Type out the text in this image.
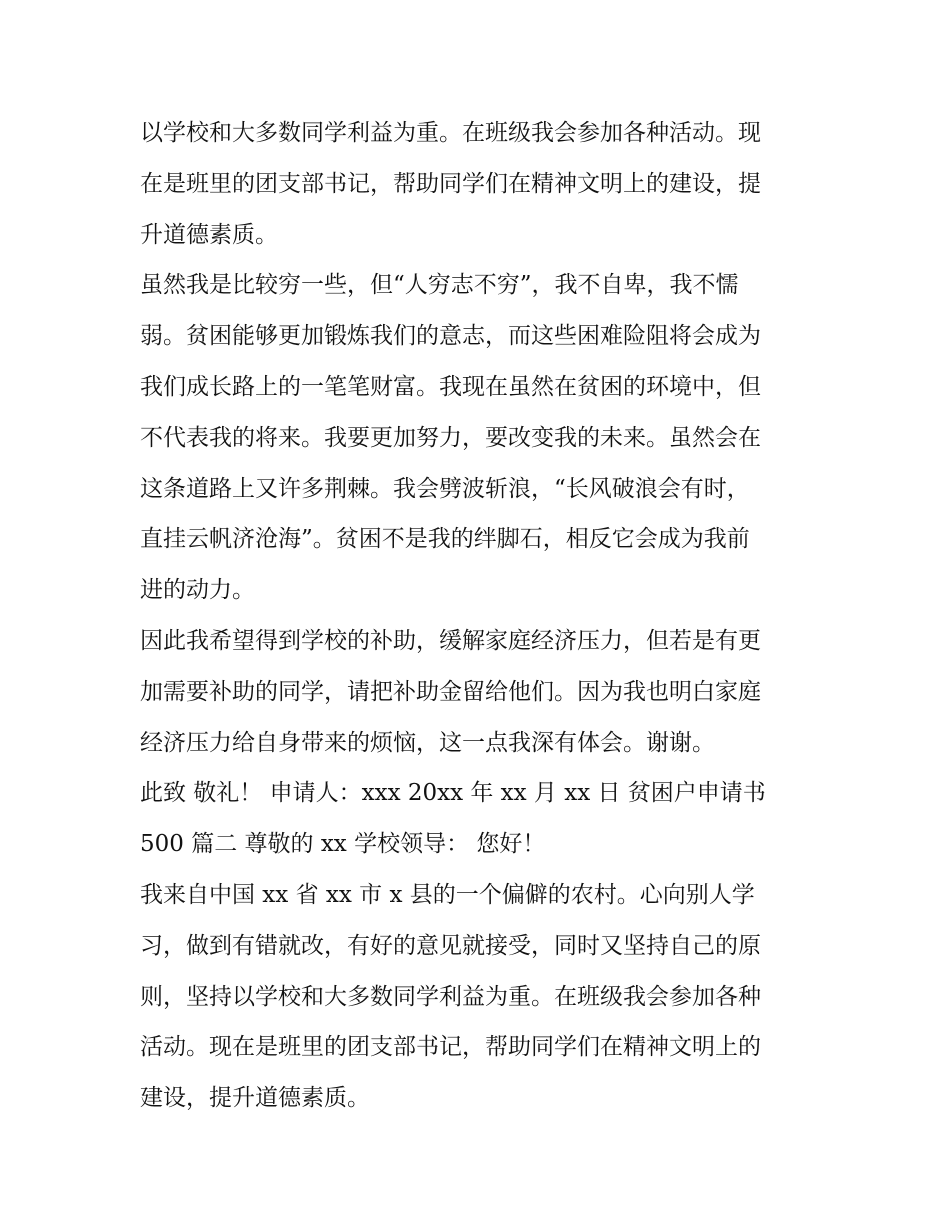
以学校和大多数同学利益为重。在班级我会参加各种活动。现
在是班里的团支部书记，帮助同学们在精神文明上的建设，提
升道德素质。
虽然我是比较穷一些，但“人穷志不穷”，我不自卑，我不懦
弱。贫困能够更加锻炼我们的意志，而这些困难险阻将会成为
我们成长路上的一笔笔财富。我现在虽然在贫困的环境中，但
不代表我的将来。我要更加努力，要改变我的未来。虽然会在
这条道路上又许多荆棘。我会劈波斩浪，“长风破浪会有时，
直挂云帆济沧海”。贫困不是我的绊脚石，相反它会成为我前
进的动力。
因此我希望得到学校的补助，缓解家庭经济压力，但若是有更
加需要补助的同学，请把补助金留给他们。因为我也明白家庭
经济压力给自身带来的烦恼，这一点我深有体会。谢谢。
此致 敬礼！ 申请人：xxx 20xx 年 xx 月 xx 日 贫困户申请书
500 篇二 尊敬的 xx 学校领导： 您好！
我来自中国 xx 省 xx 市 x 县的一个偏僻的农村。心向别人学
习，做到有错就改，有好的意见就接受，同时又坚持自己的原
则，坚持以学校和大多数同学利益为重。在班级我会参加各种
活动。现在是班里的团支部书记，帮助同学们在精神文明上的
建设，提升道德素质。
